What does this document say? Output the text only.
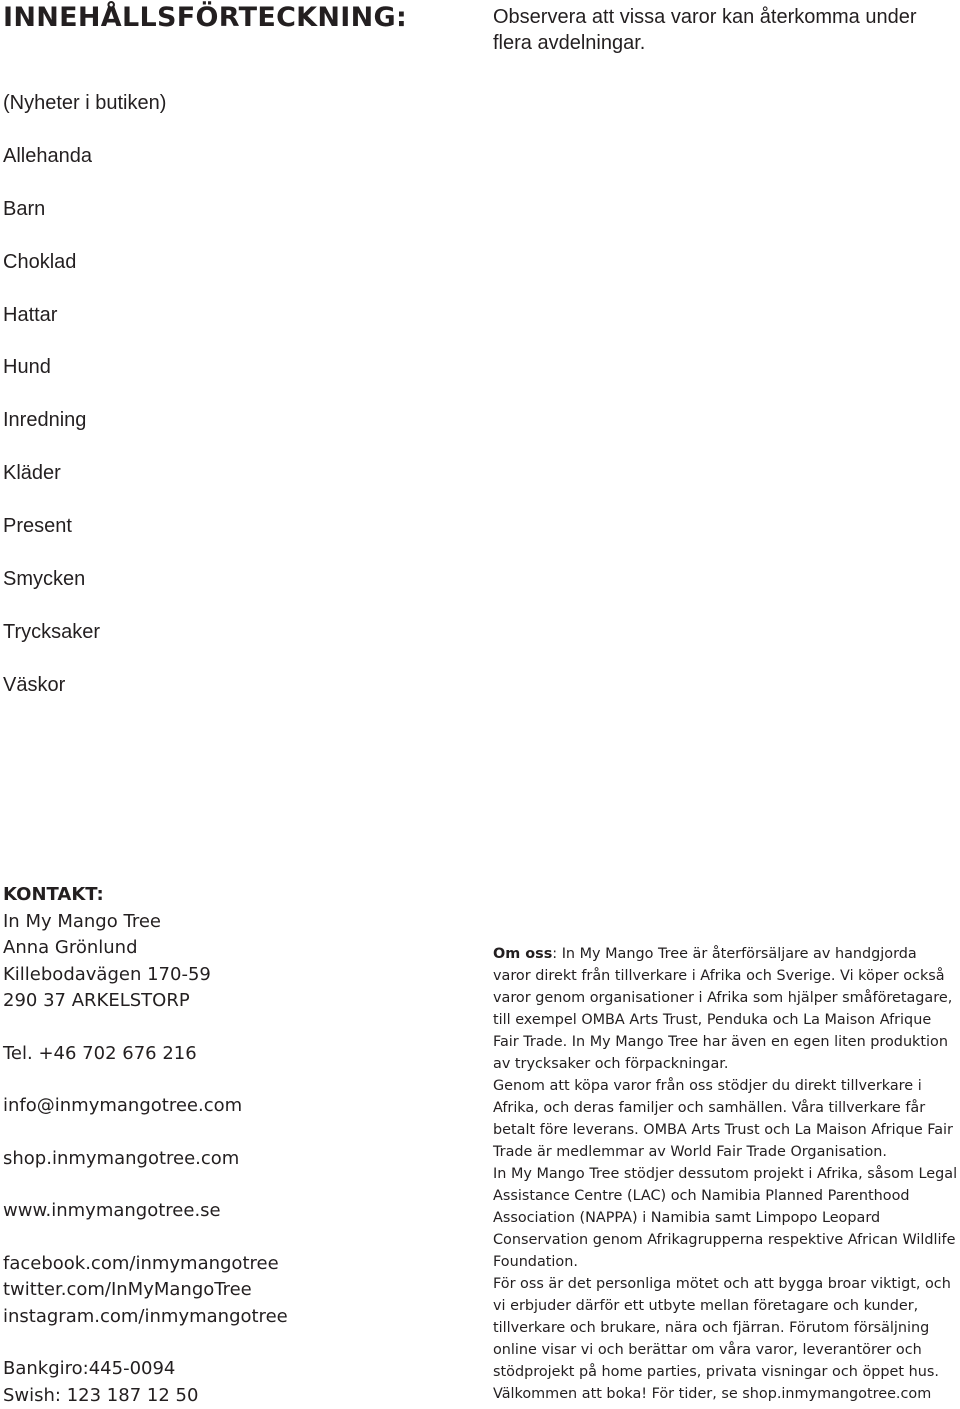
INNEHÅLLSFÖRTECKNING:	Observera att vissa varor kan återkomma under flera avdelningar.
(Nyheter i butiken)
Allehanda
Barn
Choklad
Hattar
Hund
Inredning
Kläder
Present
Smycken
Trycksaker
Väskor
KONTAKT:
In My Mango Tree
Anna Grönlund
Killebodavägen 170-59
290 37 ARKELSTORP
Tel. +46 702 676 216
info@inmymangotree.com
shop.inmymangotree.com
www.inmymangotree.se
facebook.com/inmymangotree
twitter.com/InMyMangoTree
instagram.com/inmymangotree
Bankgiro:445-0094
Swish: 123 187 12 50

Om oss: In My Mango Tree är återförsäljare av handgjorda varor direkt från tillverkare i Afrika och Sverige. Vi köper också varor genom organisationer i Afrika som hjälper småföretagare, till exempel OMBA Arts Trust, Penduka och La Maison Afrique Fair Trade. In My Mango Tree har även en egen liten produktion av trycksaker och förpackningar.

Genom att köpa varor från oss stödjer du direkt tillverkare i Afrika, och deras familjer och samhällen. Våra tillverkare får betalt före leverans. OMBA Arts Trust och La Maison Afrique Fair Trade är medlemmar av World Fair Trade Organisation.

In My Mango Tree stödjer dessutom projekt i Afrika, såsom Legal Assistance Centre (LAC) och Namibia Planned Parenthood Association (NAPPA) i Namibia samt Limpopo Leopard Conservation genom Afrikagrupperna respektive African Wildlife Foundation.

För oss är det personliga mötet och att bygga broar viktigt, och vi erbjuder därför ett utbyte mellan företagare och kunder, tillverkare och brukare, nära och fjärran. Förutom försäljning online visar vi och berättar om våra varor, leverantörer och stödprojekt på home parties, privata visningar och öppet hus. Välkommen att boka! För tider, se shop.inmymangotree.com
